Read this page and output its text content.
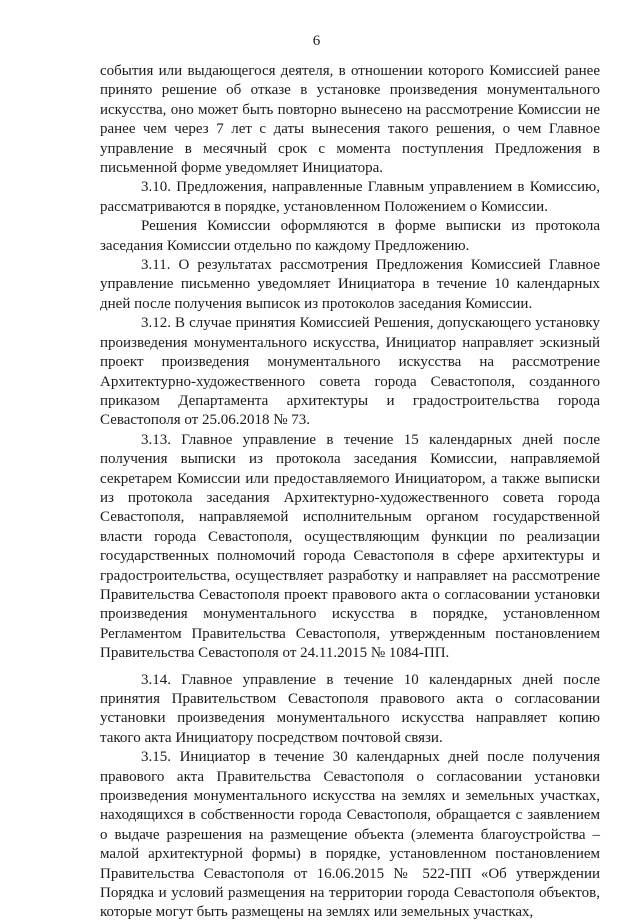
6

события или выдающегося деятеля, в отношении которого Комиссией ранее принято решение об отказе в установке произведения монументального искусства, оно может быть повторно вынесено на рассмотрение Комиссии не ранее чем через 7 лет с даты вынесения такого решения, о чем Главное управление в месячный срок с момента поступления Предложения в письменной форме уведомляет Инициатора.

3.10. Предложения, направленные Главным управлением в Комиссию, рассматриваются в порядке, установленном Положением о Комиссии.

Решения Комиссии оформляются в форме выписки из протокола заседания Комиссии отдельно по каждому Предложению.

3.11. О результатах рассмотрения Предложения Комиссией Главное управление письменно уведомляет Инициатора в течение 10 календарных дней после получения выписок из протоколов заседания Комиссии.

3.12. В случае принятия Комиссией Решения, допускающего установку произведения монументального искусства, Инициатор направляет эскизный проект произведения монументального искусства на рассмотрение Архитектурно-художественного совета города Севастополя, созданного приказом Департамента архитектуры и градостроительства города Севастополя от 25.06.2018 № 73.

3.13. Главное управление в течение 15 календарных дней после получения выписки из протокола заседания Комиссии, направляемой секретарем Комиссии или предоставляемого Инициатором, а также выписки из протокола заседания Архитектурно-художественного совета города Севастополя, направляемой исполнительным органом государственной власти города Севастополя, осуществляющим функции по реализации государственных полномочий города Севастополя в сфере архитектуры и градостроительства, осуществляет разработку и направляет на рассмотрение Правительства Севастополя проект правового акта о согласовании установки произведения монументального искусства в порядке, установленном Регламентом Правительства Севастополя, утвержденным постановлением Правительства Севастополя от 24.11.2015 № 1084-ПП.

3.14. Главное управление в течение 10 календарных дней после принятия Правительством Севастополя правового акта о согласовании установки произведения монументального искусства направляет копию такого акта Инициатору посредством почтовой связи.

3.15. Инициатор в течение 30 календарных дней после получения правового акта Правительства Севастополя о согласовании установки произведения монументального искусства на землях и земельных участках, находящихся в собственности города Севастополя, обращается с заявлением о выдаче разрешения на размещение объекта (элемента благоустройства – малой архитектурной формы) в порядке, установленном постановлением Правительства Севастополя от 16.06.2015 № 522-ПП «Об утверждении Порядка и условий размещения на территории города Севастополя объектов, которые могут быть размещены на землях или земельных участках,
